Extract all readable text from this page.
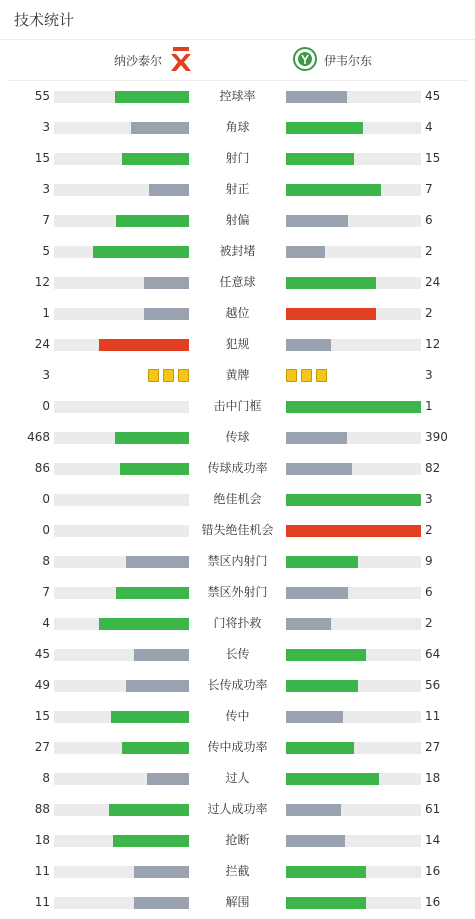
技术统计
纳沙泰尔	伊韦尔东
55	控球率	45
3	角球	4
15	射门	15
3	射正	7
7	射偏	6
5	被封堵	2
12	任意球	24
1	越位	2
24	犯规	12
3	黄牌	3
0	击中门框	1
468	传球	390
86	传球成功率	82
0	绝佳机会	3
0	错失绝佳机会	2
8	禁区内射门	9
7	禁区外射门	6
4	门将扑救	2
45	长传	64
49	长传成功率	56
15	传中	11
27	传中成功率	27
8	过人	18
88	过人成功率	61
18	抢断	14
11	拦截	16
11	解围	16
